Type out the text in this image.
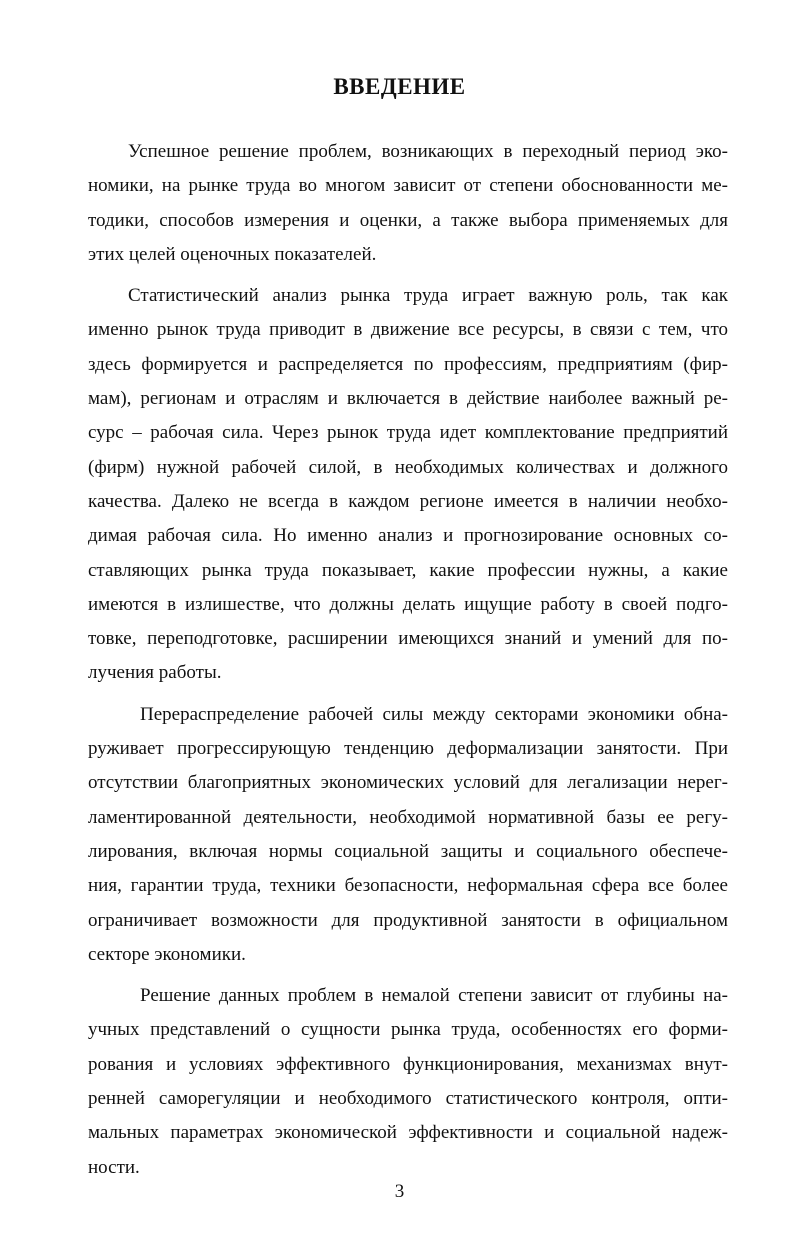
ВВЕДЕНИЕ

Успешное решение проблем, возникающих в переходный период эко-
номики, на рынке труда во многом зависит от степени обоснованности ме-
тодики, способов измерения и оценки, а также выбора применяемых для
этих целей оценочных показателей.

Статистический анализ рынка труда играет важную роль, так как
именно рынок труда приводит в движение все ресурсы, в связи с тем, что
здесь формируется и распределяется по профессиям, предприятиям (фир-
мам), регионам и отраслям и включается в действие наиболее важный ре-
сурс – рабочая сила. Через рынок труда идет комплектование предприятий
(фирм) нужной рабочей силой, в необходимых количествах и должного
качества. Далеко не всегда в каждом регионе имеется в наличии необхо-
димая рабочая сила. Но именно анализ и прогнозирование основных со-
ставляющих рынка труда показывает, какие профессии нужны, а какие
имеются в излишестве, что должны делать ищущие работу в своей подго-
товке, переподготовке, расширении имеющихся знаний и умений для по-
лучения работы.

Перераспределение рабочей силы между секторами экономики обна-
руживает прогрессирующую тенденцию деформализации занятости. При
отсутствии благоприятных экономических условий для легализации нерег-
ламентированной деятельности, необходимой нормативной базы ее регу-
лирования, включая нормы социальной защиты и социального обеспече-
ния, гарантии труда, техники безопасности, неформальная сфера все более
ограничивает возможности для продуктивной занятости в официальном
секторе экономики.

Решение данных проблем в немалой степени зависит от глубины на-
учных представлений о сущности рынка труда, особенностях его форми-
рования и условиях эффективного функционирования, механизмах внут-
ренней саморегуляции и необходимого статистического контроля, опти-
мальных параметрах экономической эффективности и социальной надеж-
ности.

3
